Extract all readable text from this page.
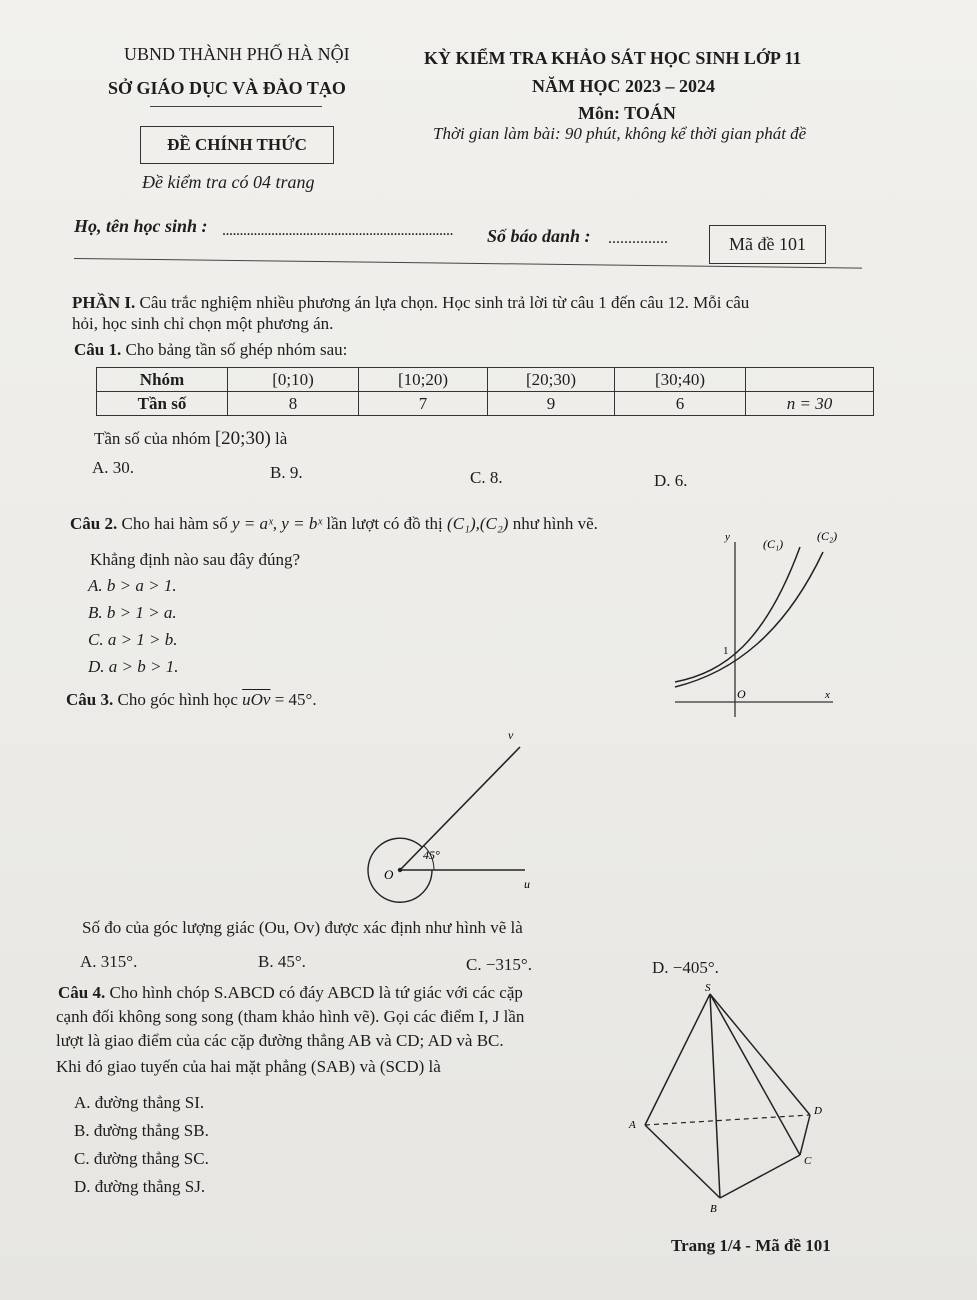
UBND THÀNH PHỐ HÀ NỘI
SỞ GIÁO DỤC VÀ ĐÀO TẠO
ĐỀ CHÍNH THỨC
Đề kiểm tra có 04 trang
KỲ KIỂM TRA KHẢO SÁT HỌC SINH LỚP 11
NĂM HỌC 2023 – 2024
Môn: TOÁN
Thời gian làm bài: 90 phút, không kể thời gian phát đề
Họ, tên học sinh : .................................................................. Số báo danh : ...............	Mã đề 101
PHẦN I. Câu trắc nghiệm nhiều phương án lựa chọn. Học sinh trả lời từ câu 1 đến câu 12. Mỗi câu
hỏi, học sinh chỉ chọn một phương án.
Câu 1. Cho bảng tần số ghép nhóm sau:
Nhóm	[0;10)	[10;20)	[20;30)	[30;40)	
Tần số	8	7	9	6	n = 30
Tần số của nhóm [20;30) là
A. 30.	B. 9.	C. 8.	D. 6.
Câu 2. Cho hai hàm số y = aˣ, y = bˣ lần lượt có đồ thị (C₁),(C₂) như hình vẽ.
Khẳng định nào sau đây đúng?
A. b > a > 1.
B. b > 1 > a.
C. a > 1 > b.
D. a > b > 1.
y	(C₁)
(C₂)
1
O	x
Câu 3. Cho góc hình học $\overline{uOv} = 45^\circ$.
v
45°
O
u
Số đo của góc lượng giác (Ou, Ov) được xác định như hình vẽ là
A. 315°.	B. 45°.	C. −315°.	D. −405°.
Câu 4. Cho hình chóp S.ABCD có đáy ABCD là tứ giác với các cặp
cạnh đối không song song (tham khảo hình vẽ). Gọi các điểm I, J lần
lượt là giao điểm của các cặp đường thẳng AB và CD; AD và BC.
Khi đó giao tuyến của hai mặt phẳng (SAB) và (SCD) là
A. đường thẳng SI.
B. đường thẳng SB.
C. đường thẳng SC.
D. đường thẳng SJ.
S
A
D
C
B
Trang 1/4 - Mã đề 101
